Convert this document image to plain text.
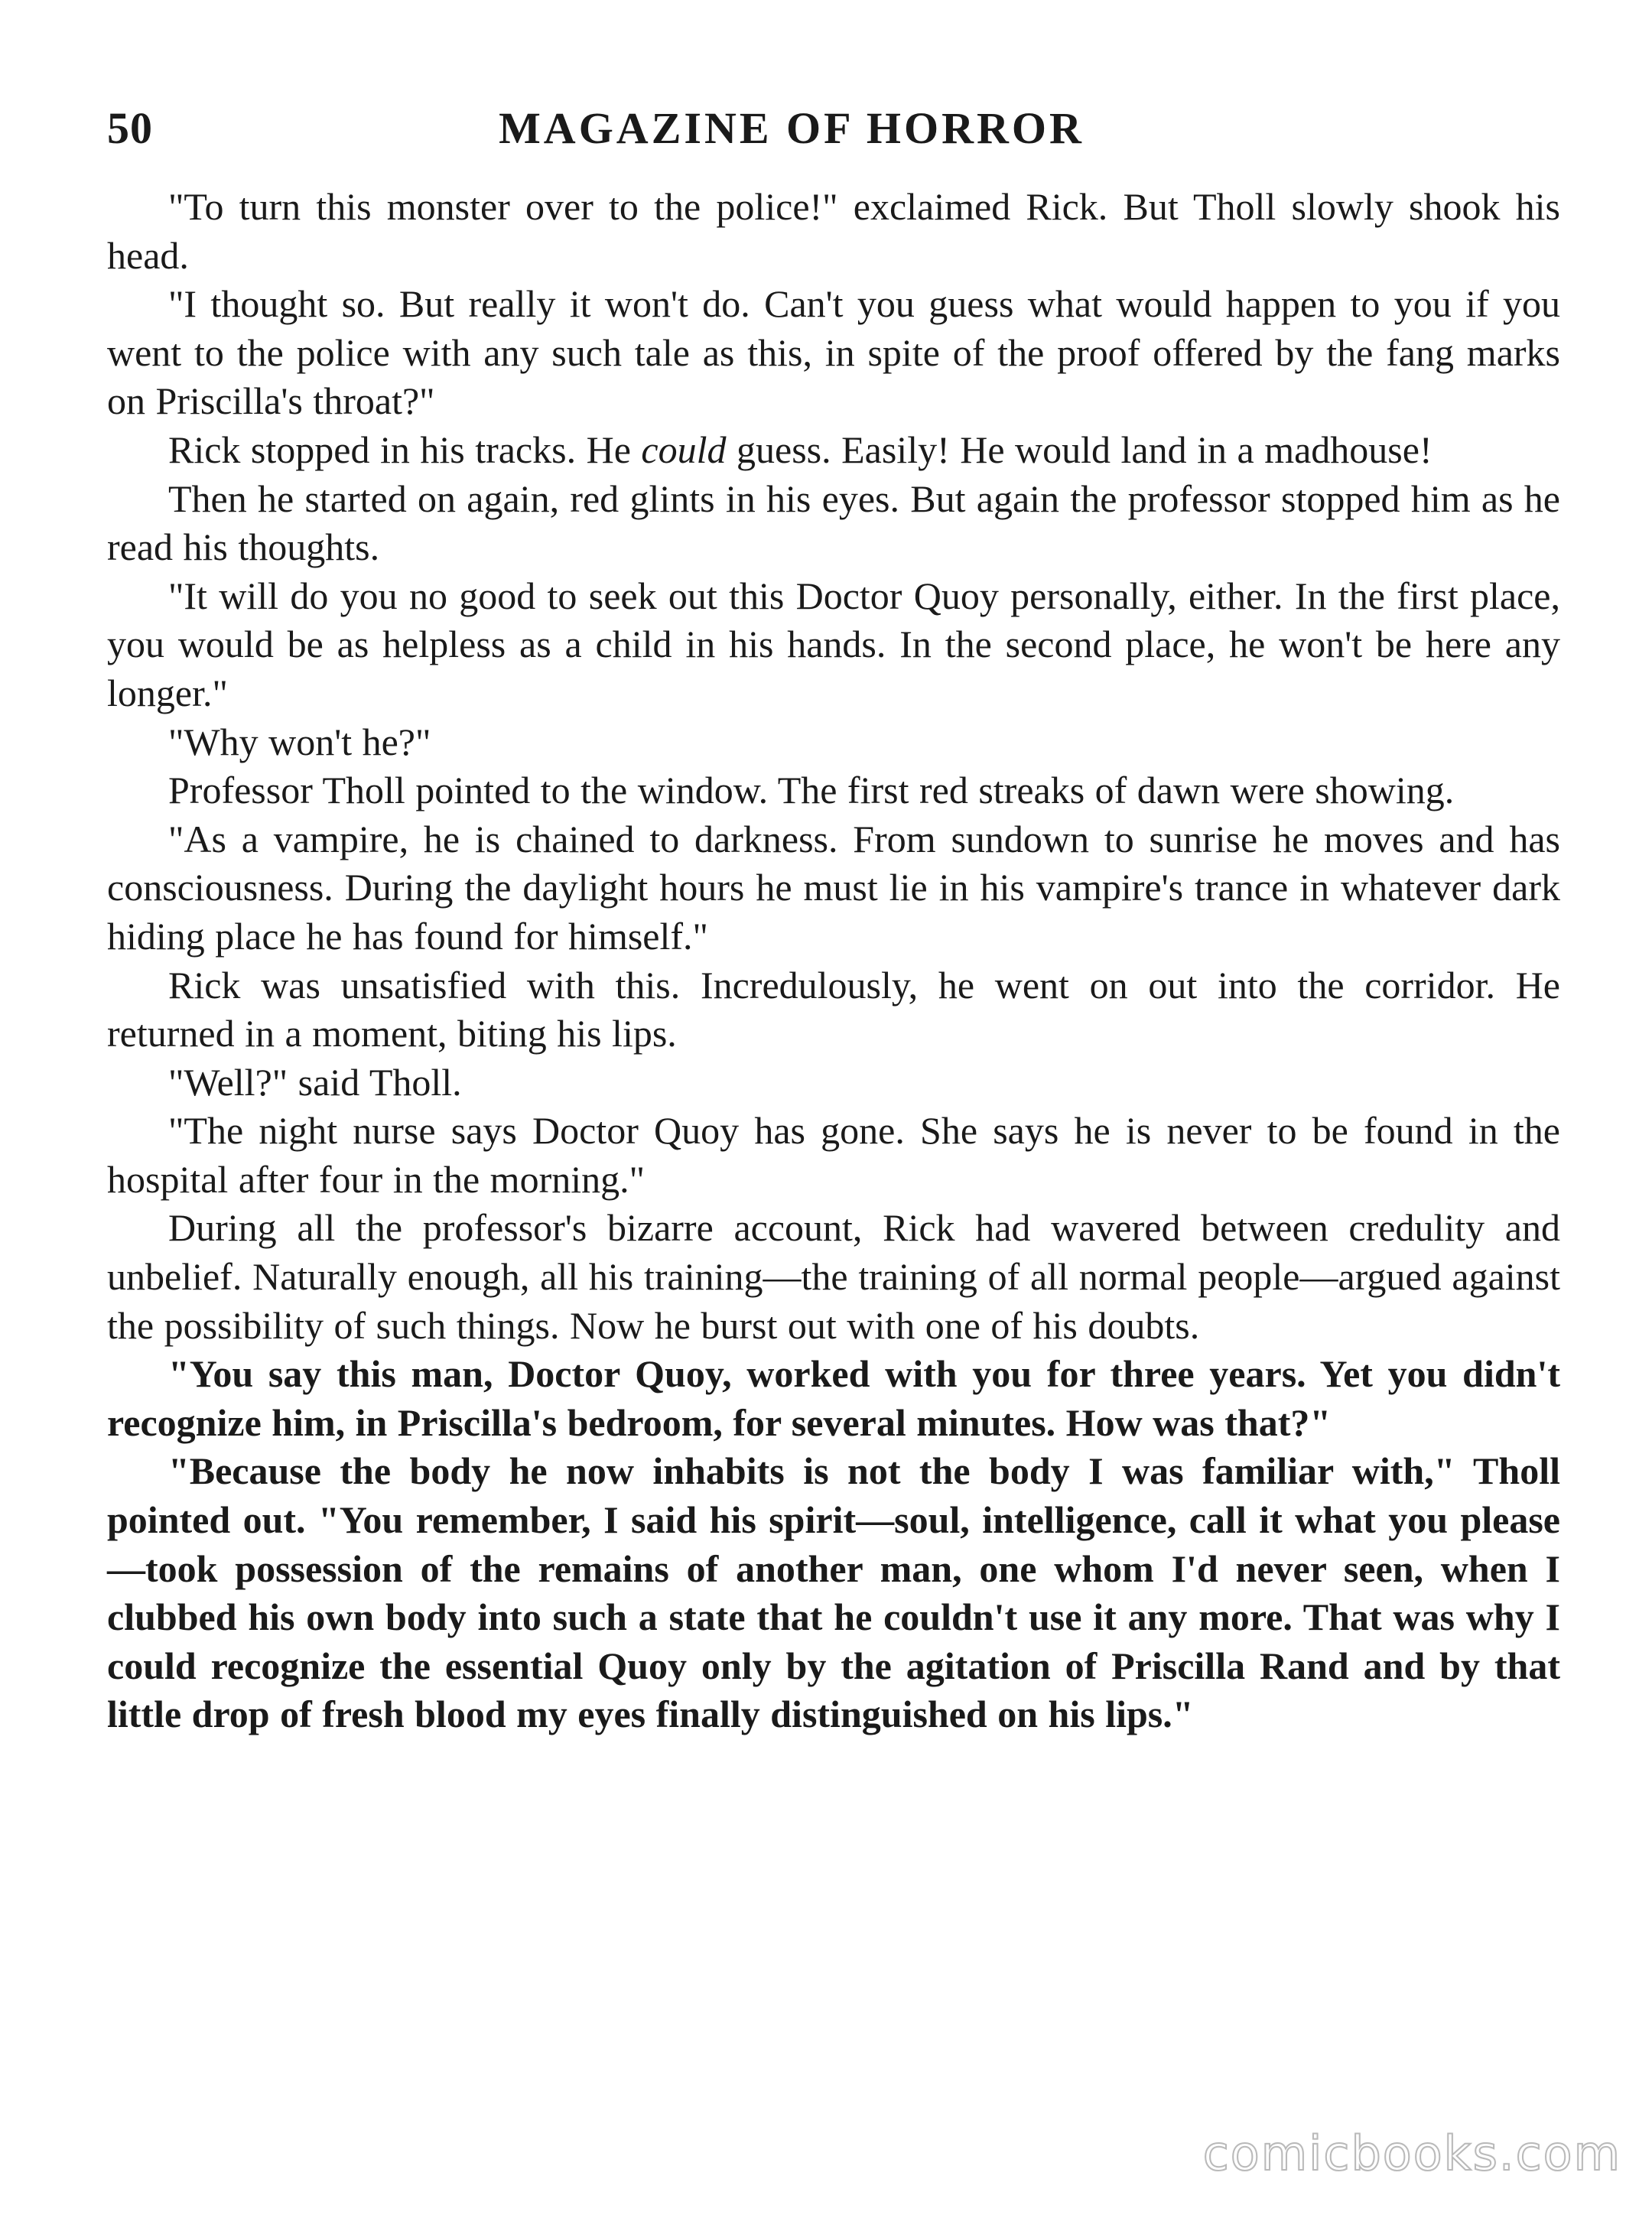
50	MAGAZINE OF HORROR

"To turn this monster over to the police!" exclaimed Rick. But Tholl slowly shook his head.

"I thought so. But really it won't do. Can't you guess what would happen to you if you went to the police with any such tale as this, in spite of the proof offered by the fang marks on Priscilla's throat?"

Rick stopped in his tracks. He could guess. Easily! He would land in a madhouse!

Then he started on again, red glints in his eyes. But again the professor stopped him as he read his thoughts.

"It will do you no good to seek out this Doctor Quoy personally, either. In the first place, you would be as helpless as a child in his hands. In the second place, he won't be here any longer."

"Why won't he?"

Professor Tholl pointed to the window. The first red streaks of dawn were showing.

"As a vampire, he is chained to darkness. From sundown to sunrise he moves and has consciousness. During the daylight hours he must lie in his vampire's trance in whatever dark hiding place he has found for himself."

Rick was unsatisfied with this. Incredulously, he went on out into the corridor. He returned in a moment, biting his lips.

"Well?" said Tholl.

"The night nurse says Doctor Quoy has gone. She says he is never to be found in the hospital after four in the morning."

During all the professor's bizarre account, Rick had wavered between credulity and unbelief. Naturally enough, all his training—the training of all normal people—argued against the possibility of such things. Now he burst out with one of his doubts.

"You say this man, Doctor Quoy, worked with you for three years. Yet you didn't recognize him, in Priscilla's bedroom, for several minutes. How was that?"

"Because the body he now inhabits is not the body I was familiar with," Tholl pointed out. "You remember, I said his spirit—soul, intelligence, call it what you please—took possession of the remains of another man, one whom I'd never seen, when I clubbed his own body into such a state that he couldn't use it any more. That was why I could recognize the essential Quoy only by the agitation of Priscilla Rand and by that little drop of fresh blood my eyes finally distinguished on his lips."

comicbooks.com
